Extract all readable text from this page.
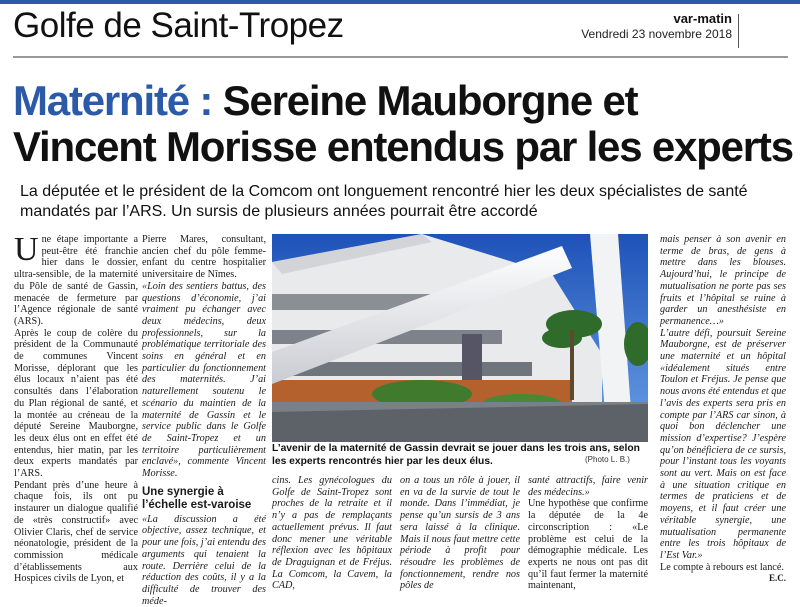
Golfe de Saint-Tropez	var-matin
Vendredi 23 novembre 2018
Maternité : Sereine Mauborgne et
Vincent Morisse entendus par les experts
La députée et le président de la Comcom ont longuement rencontré hier les deux spécialistes de santé mandatés par l’ARS. Un sursis de plusieurs années pourrait être accordé

Une étape importante a peut-être été franchie hier dans le dossier, ultra-sensible, de la maternité du Pôle de santé de Gassin, menacée de fermeture par l’Agence régionale de santé (ARS).

Après le coup de colère du président de la Communauté de communes Vincent Morisse, déplorant que les élus locaux n’aient pas été consultés dans l’élaboration du Plan régional de santé, et la montée au créneau de la député Sereine Mauborgne, les deux élus ont en effet été entendus, hier matin, par les deux experts mandatés par l’ARS.

Pendant près d’une heure à chaque fois, ils ont pu instaurer un dialogue qualifié de «très constructif» avec Olivier Claris, chef de service néonatologie, président de la commission médicale d’établissements aux Hospices civils de Lyon, et

Pierre Mares, consultant, ancien chef du pôle femme-enfant du centre hospitalier universitaire de Nîmes.

«Loin des sentiers battus, des questions d’économie, j’ai vraiment pu échanger avec deux médecins, deux professionnels, sur la problématique territoriale des soins en général et en particulier du fonctionnement des maternités. J’ai naturellement soutenu le scénario du maintien de la maternité de Gassin et le service public dans le Golfe de Saint-Tropez et un territoire particulièrement enclavé», commente Vincent Morisse.

Une synergie à l’échelle est-varoise

«La discussion a été objective, assez technique, et pour une fois, j’ai entendu des arguments qui tenaient la route. Derrière celui de la réduction des coûts, il y a la difficulté de trouver des méde-

L’avenir de la maternité de Gassin devrait se jouer dans les trois ans, selon les experts rencontrés hier par les deux élus.	(Photo L. B.)

cins. Les gynécologues du Golfe de Saint-Tropez sont proches de la retraite et il n’y a pas de remplaçants actuellement prévus. Il faut donc mener une véritable réflexion avec les hôpitaux de Draguignan et de Fréjus. La Comcom, la Cavem, la CAD,

on a tous un rôle à jouer, il en va de la survie de tout le monde. Dans l’immédiat, je pense qu’un sursis de 3 ans sera laissé à la clinique. Mais il nous faut mettre cette période à profit pour résoudre les problèmes de fonctionnement, rendre nos pôles de

santé attractifs, faire venir des médecins.»

Une hypothèse que confirme la députée de la 4e circonscription : «Le problème est celui de la démographie médicale. Les experts ne nous ont pas dit qu’il faut fermer la maternité maintenant,

mais penser à son avenir en terme de bras, de gens à mettre dans les blouses. Aujourd’hui, le principe de mutualisation ne porte pas ses fruits et l’hôpital se ruine à garder un anesthésiste en permanence…»

L’autre défi, poursuit Sereine Mauborgne, est de préserver une maternité et un hôpital «idéalement situés entre Toulon et Fréjus. Je pense que nous avons été entendus et que l’avis des experts sera pris en compte par l’ARS car sinon, à quoi bon déclencher une mission d’expertise? J’espère qu’on bénéficiera de ce sursis, pour l’instant tous les voyants sont au vert. Mais on est face à une situation critique en termes de praticiens et de moyens, et il faut créer une véritable synergie, une mutualisation permanente entre les trois hôpitaux de l’Est Var.»

Le compte à rebours est lancé.

E.C.
